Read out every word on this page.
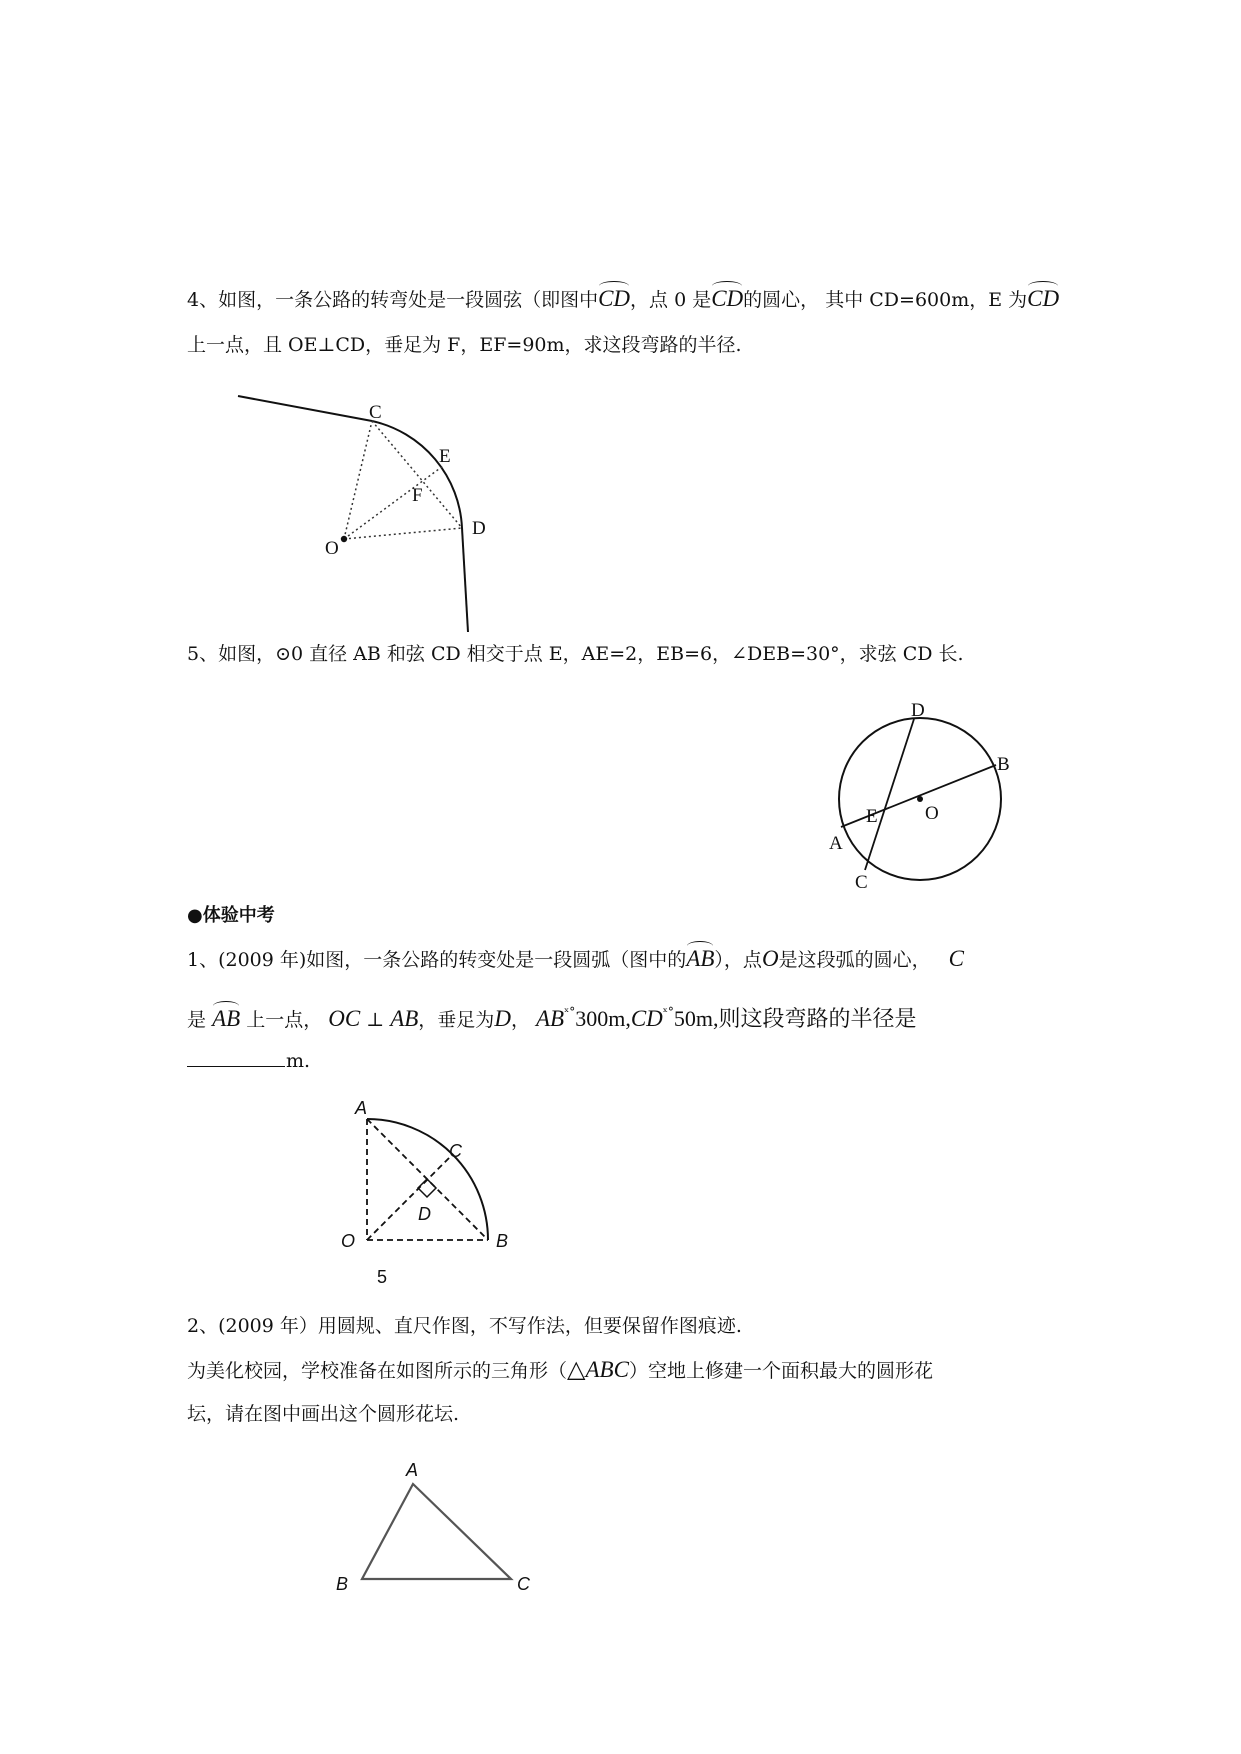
4、如图，一条公路的转弯处是一段圆弦（即图中CD，点 0 是CD的圆心， 其中 CD=600m，E 为CD
上一点，且 OE⊥CD，垂足为 F，EF=90m，求这段弯路的半径.
5、如图，⊙0 直径 AB 和弦 CD 相交于点 E，AE=2，EB=6，∠DEB=30°，求弦 CD 长.
●体验中考
1、(2009 年)如图，一条公路的转变处是一段圆弧（图中的AB），点O是这段弧的圆心， C
是 AB 上一点， OC ⊥ AB，垂足为D， $AB^{ˣ^\circ}300m,CD^{ˣ^\circ}50m$,则这段弯路的半径是
m.
2、(2009 年）用圆规、直尺作图，不写作法，但要保留作图痕迹.
为美化校园，学校准备在如图所示的三角形（△ABC）空地上修建一个面积最大的圆形花
坛，请在图中画出这个圆形花坛.
C
E
F
D
O
D
B
E O
A
C
A
C
D
O	B
5
A
B	C
